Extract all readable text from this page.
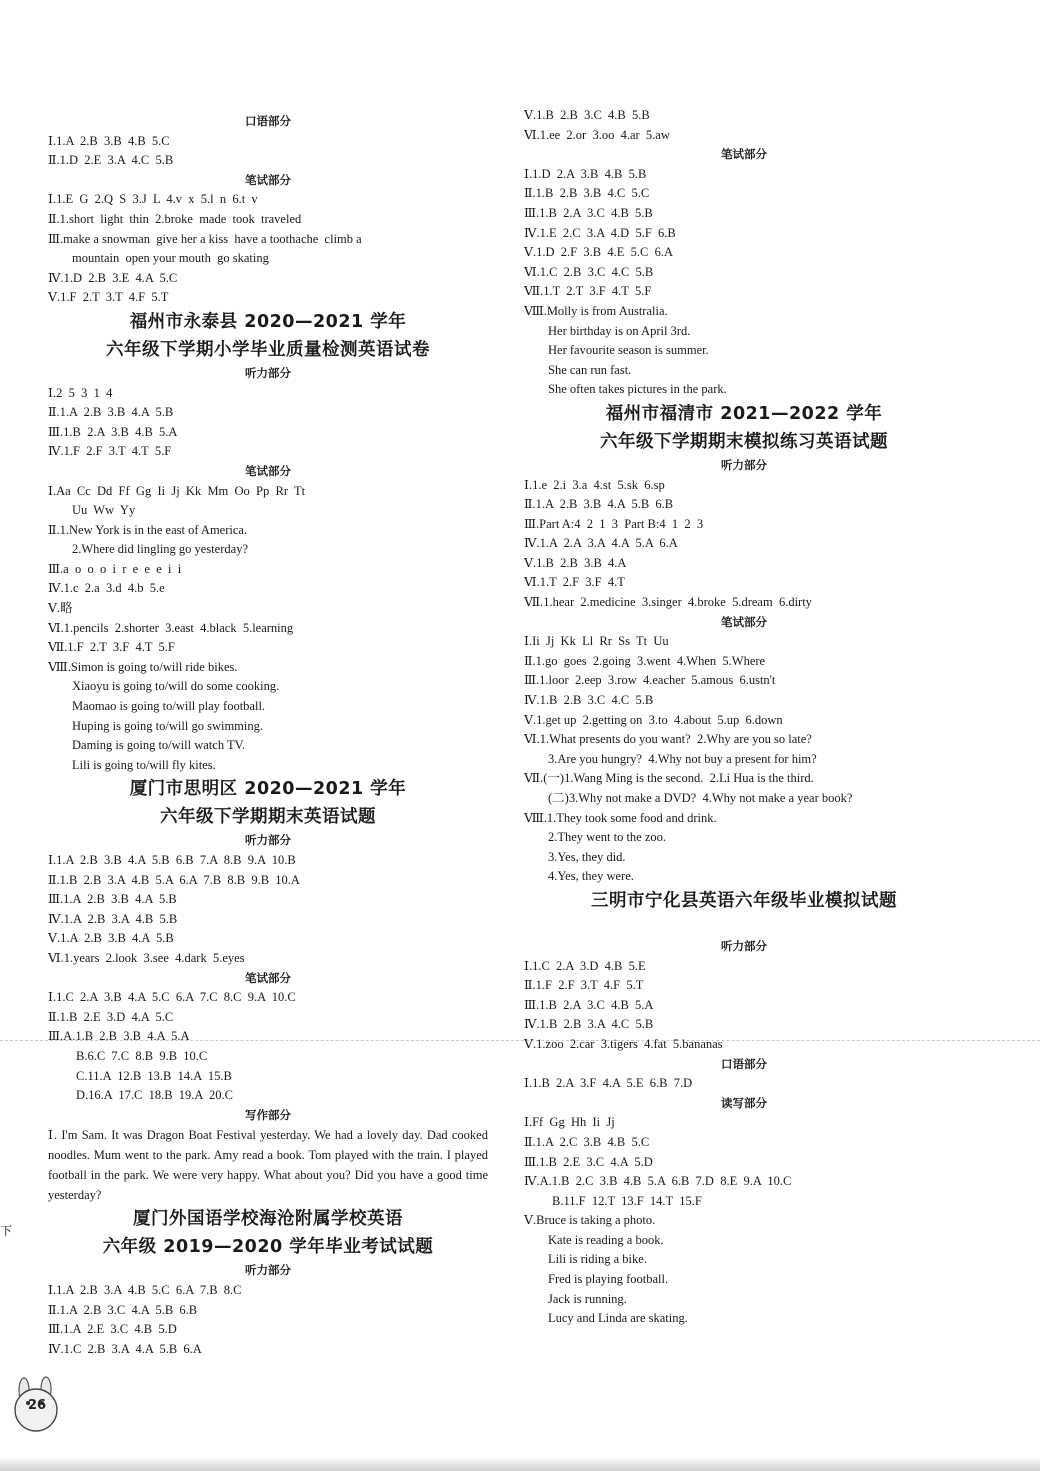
口语部分
Ⅰ.1.A  2.B  3.B  4.B  5.C
Ⅱ.1.D  2.E  3.A  4.C  5.B
笔试部分
Ⅰ.1.E  G  2.Q  S  3.J  L  4.v  x  5.l  n  6.t  v
Ⅱ.1.short  light  thin  2.broke  made  took  traveled
Ⅲ.make a snowman  give her a kiss  have a toothache  climb a
mountain  open your mouth  go skating
Ⅳ.1.D  2.B  3.E  4.A  5.C
Ⅴ.1.F  2.T  3.T  4.F  5.T
福州市永泰县 2020—2021 学年
六年级下学期小学毕业质量检测英语试卷
听力部分
Ⅰ.2  5  3  1  4
Ⅱ.1.A  2.B  3.B  4.A  5.B
Ⅲ.1.B  2.A  3.B  4.B  5.A
Ⅳ.1.F  2.F  3.T  4.T  5.F
笔试部分
Ⅰ.Aa  Cc  Dd  Ff  Gg  Ii  Jj  Kk  Mm  Oo  Pp  Rr  Tt
Uu  Ww  Yy
Ⅱ.1.New York is in the east of America.
2.Where did lingling go yesterday?
Ⅲ.a  o  o  o  i  r  e  e  e  i  i
Ⅳ.1.c  2.a  3.d  4.b  5.e
Ⅴ.略
Ⅵ.1.pencils  2.shorter  3.east  4.black  5.learning
Ⅶ.1.F  2.T  3.F  4.T  5.F
Ⅷ.Simon is going to/will ride bikes.
Xiaoyu is going to/will do some cooking.
Maomao is going to/will play football.
Huping is going to/will go swimming.
Daming is going to/will watch TV.
Lili is going to/will fly kites.
厦门市思明区 2020—2021 学年
六年级下学期期末英语试题
听力部分
Ⅰ.1.A  2.B  3.B  4.A  5.B  6.B  7.A  8.B  9.A  10.B
Ⅱ.1.B  2.B  3.A  4.B  5.A  6.A  7.B  8.B  9.B  10.A
Ⅲ.1.A  2.B  3.B  4.A  5.B
Ⅳ.1.A  2.B  3.A  4.B  5.B
Ⅴ.1.A  2.B  3.B  4.A  5.B
Ⅵ.1.years  2.look  3.see  4.dark  5.eyes
笔试部分
Ⅰ.1.C  2.A  3.B  4.A  5.C  6.A  7.C  8.C  9.A  10.C
Ⅱ.1.B  2.E  3.D  4.A  5.C
Ⅲ.A.1.B  2.B  3.B  4.A  5.A
B.6.C  7.C  8.B  9.B  10.C
C.11.A  12.B  13.B  14.A  15.B
D.16.A  17.C  18.B  19.A  20.C
写作部分
Ⅰ. I'm Sam. It was Dragon Boat Festival yesterday. We had a lovely day. Dad cooked noodles. Mum went to the park. Amy read a book. Tom played with the train. I played football in the park. We were very happy. What about you? Did you have a good time yesterday?
厦门外国语学校海沧附属学校英语
六年级 2019—2020 学年毕业考试试题
听力部分
Ⅰ.1.A  2.B  3.A  4.B  5.C  6.A  7.B  8.C
Ⅱ.1.A  2.B  3.C  4.A  5.B  6.B
Ⅲ.1.A  2.E  3.C  4.B  5.D
Ⅳ.1.C  2.B  3.A  4.A  5.B  6.A
Ⅴ.1.B  2.B  3.C  4.B  5.B
Ⅵ.1.ee  2.or  3.oo  4.ar  5.aw
笔试部分
Ⅰ.1.D  2.A  3.B  4.B  5.B
Ⅱ.1.B  2.B  3.B  4.C  5.C
Ⅲ.1.B  2.A  3.C  4.B  5.B
Ⅳ.1.E  2.C  3.A  4.D  5.F  6.B
Ⅴ.1.D  2.F  3.B  4.E  5.C  6.A
Ⅵ.1.C  2.B  3.C  4.C  5.B
Ⅶ.1.T  2.T  3.F  4.T  5.F
Ⅷ.Molly is from Australia.
Her birthday is on April 3rd.
Her favourite season is summer.
She can run fast.
She often takes pictures in the park.
福州市福清市 2021—2022 学年
六年级下学期期末模拟练习英语试题
听力部分
Ⅰ.1.e  2.i  3.a  4.st  5.sk  6.sp
Ⅱ.1.A  2.B  3.B  4.A  5.B  6.B
Ⅲ.Part A:4  2  1  3  Part B:4  1  2  3
Ⅳ.1.A  2.A  3.A  4.A  5.A  6.A
Ⅴ.1.B  2.B  3.B  4.A
Ⅵ.1.T  2.F  3.F  4.T
Ⅶ.1.hear  2.medicine  3.singer  4.broke  5.dream  6.dirty
笔试部分
Ⅰ.Ii  Jj  Kk  Ll  Rr  Ss  Tt  Uu
Ⅱ.1.go  goes  2.going  3.went  4.When  5.Where
Ⅲ.1.loor  2.eep  3.row  4.eacher  5.amous  6.ustn't
Ⅳ.1.B  2.B  3.C  4.C  5.B
Ⅴ.1.get up  2.getting on  3.to  4.about  5.up  6.down
Ⅵ.1.What presents do you want?  2.Why are you so late?
3.Are you hungry?  4.Why not buy a present for him?
Ⅶ.(一)1.Wang Ming is the second.  2.Li Hua is the third.
(二)3.Why not make a DVD?  4.Why not make a year book?
Ⅷ.1.They took some food and drink.
2.They went to the zoo.
3.Yes, they did.
4.Yes, they were.
三明市宁化县英语六年级毕业模拟试题
听力部分
Ⅰ.1.C  2.A  3.D  4.B  5.E
Ⅱ.1.F  2.F  3.T  4.F  5.T
Ⅲ.1.B  2.A  3.C  4.B  5.A
Ⅳ.1.B  2.B  3.A  4.C  5.B
Ⅴ.1.zoo  2.car  3.tigers  4.fat  5.bananas
口语部分
Ⅰ.1.B  2.A  3.F  4.A  5.E  6.B  7.D
读写部分
Ⅰ.Ff  Gg  Hh  Ii  Jj
Ⅱ.1.A  2.C  3.B  4.B  5.C
Ⅲ.1.B  2.E  3.C  4.A  5.D
Ⅳ.A.1.B  2.C  3.B  4.B  5.A  6.B  7.D  8.E  9.A  10.C
B.11.F  12.T  13.F  14.T  15.F
Ⅴ.Bruce is taking a photo.
Kate is reading a book.
Lili is riding a bike.
Fred is playing football.
Jack is running.
Lucy and Linda are skating.
下
26
